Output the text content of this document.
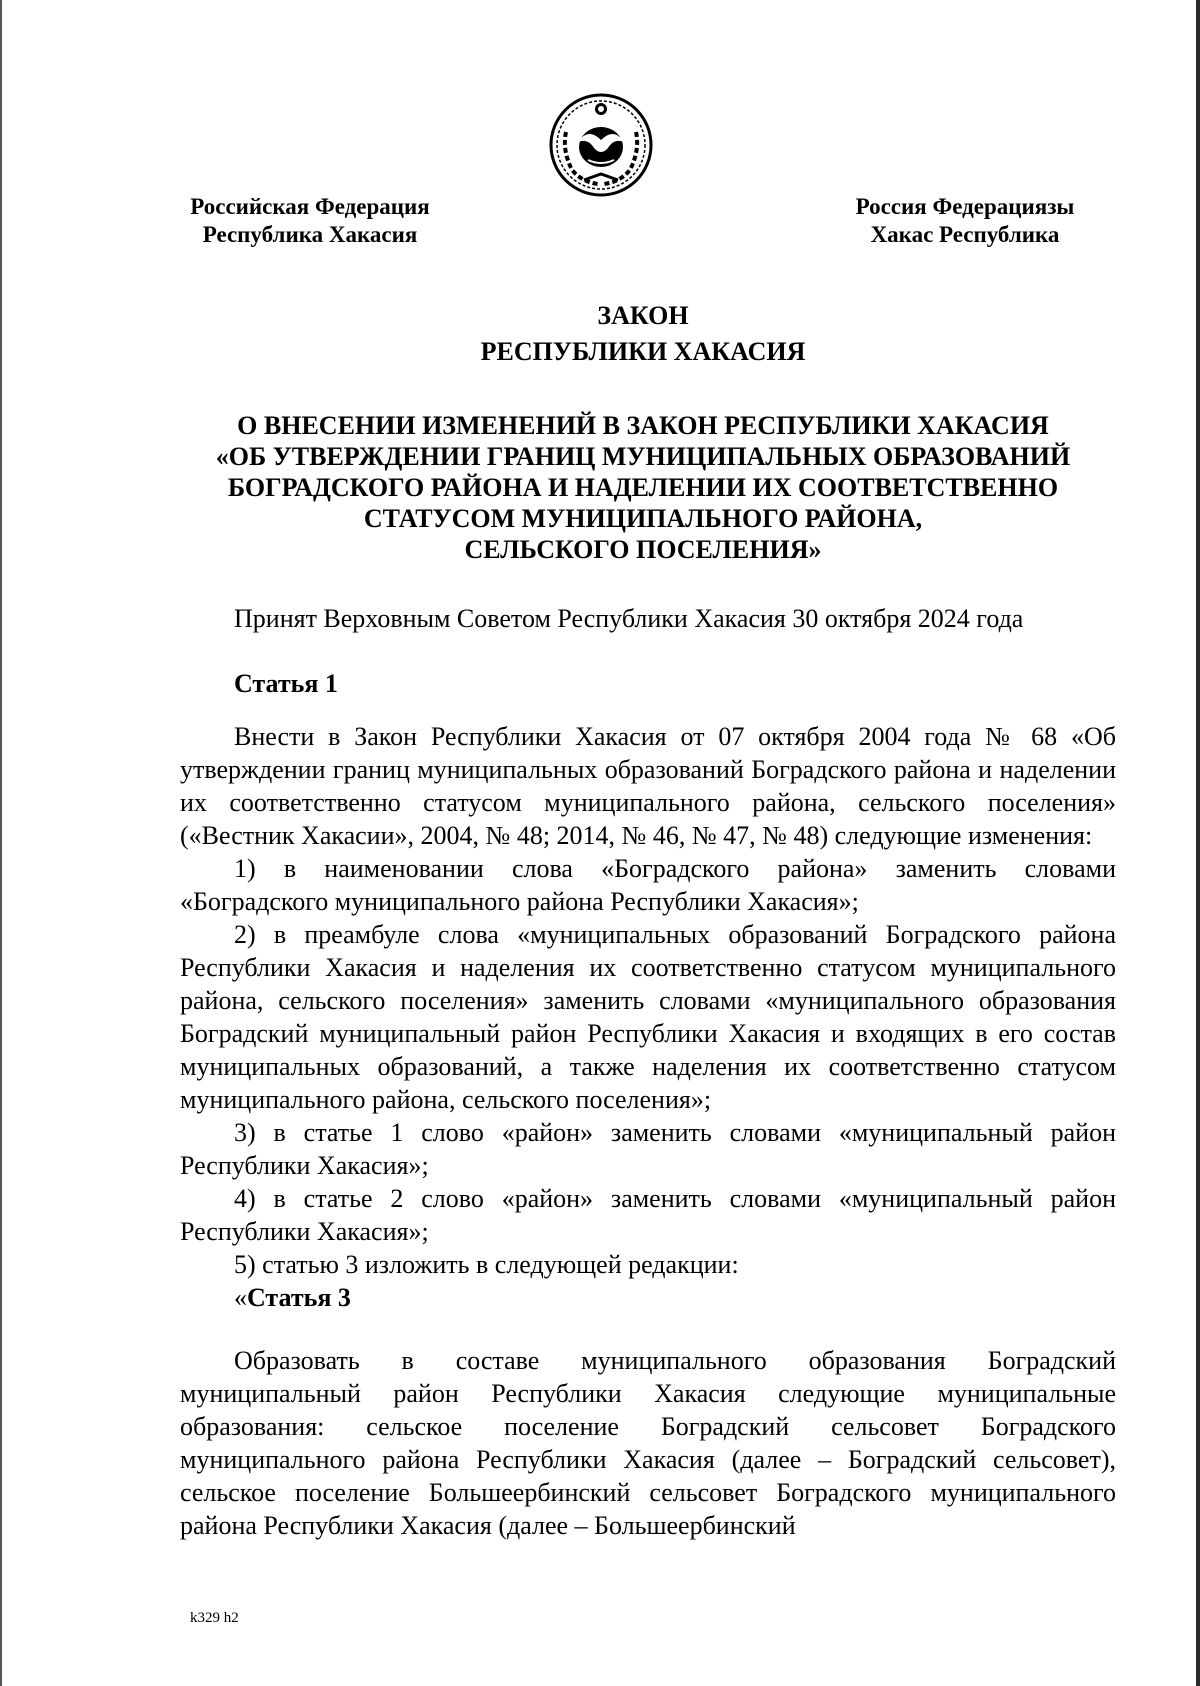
Российская Федерация
Республика Хакасия
Россия Федерациязы
Хакас Республика
ЗАКОН
РЕСПУБЛИКИ ХАКАСИЯ
О ВНЕСЕНИИ ИЗМЕНЕНИЙ В ЗАКОН РЕСПУБЛИКИ ХАКАСИЯ
«ОБ УТВЕРЖДЕНИИ ГРАНИЦ МУНИЦИПАЛЬНЫХ ОБРАЗОВАНИЙ
БОГРАДСКОГО РАЙОНА И НАДЕЛЕНИИ ИХ СООТВЕТСТВЕННО
СТАТУСОМ МУНИЦИПАЛЬНОГО РАЙОНА,
СЕЛЬСКОГО ПОСЕЛЕНИЯ»
Принят Верховным Советом Республики Хакасия 30 октября 2024 года
Статья 1

Внести в Закон Республики Хакасия от 07 октября 2004 года № 68 «Об утверждении границ муниципальных образований Боградского района и наделении их соответственно статусом муниципального района, сельского поселения» («Вестник Хакасии», 2004, № 48; 2014, № 46, № 47, № 48) следующие изменения:

1) в наименовании слова «Боградского района» заменить словами «Боградского муниципального района Республики Хакасия»;

2) в преамбуле слова «муниципальных образований Боградского района Республики Хакасия и наделения их соответственно статусом муниципального района, сельского поселения» заменить словами «муниципального образования Боградский муниципальный район Республики Хакасия и входящих в его состав муниципальных образований, а также наделения их соответственно статусом муниципального района, сельского поселения»;

3) в статье 1 слово «район» заменить словами «муниципальный район Республики Хакасия»;

4) в статье 2 слово «район» заменить словами «муниципальный район Республики Хакасия»;

5) статью 3 изложить в следующей редакции:

«Статья 3

Образовать в составе муниципального образования Боградский муниципальный район Республики Хакасия следующие муниципальные образования: сельское поселение Боградский сельсовет Боградского муниципального района Республики Хакасия (далее – Боградский сельсовет), сельское поселение Большеербинский сельсовет Боградского муниципального района Республики Хакасия (далее – Большеербинский

k329 h2
